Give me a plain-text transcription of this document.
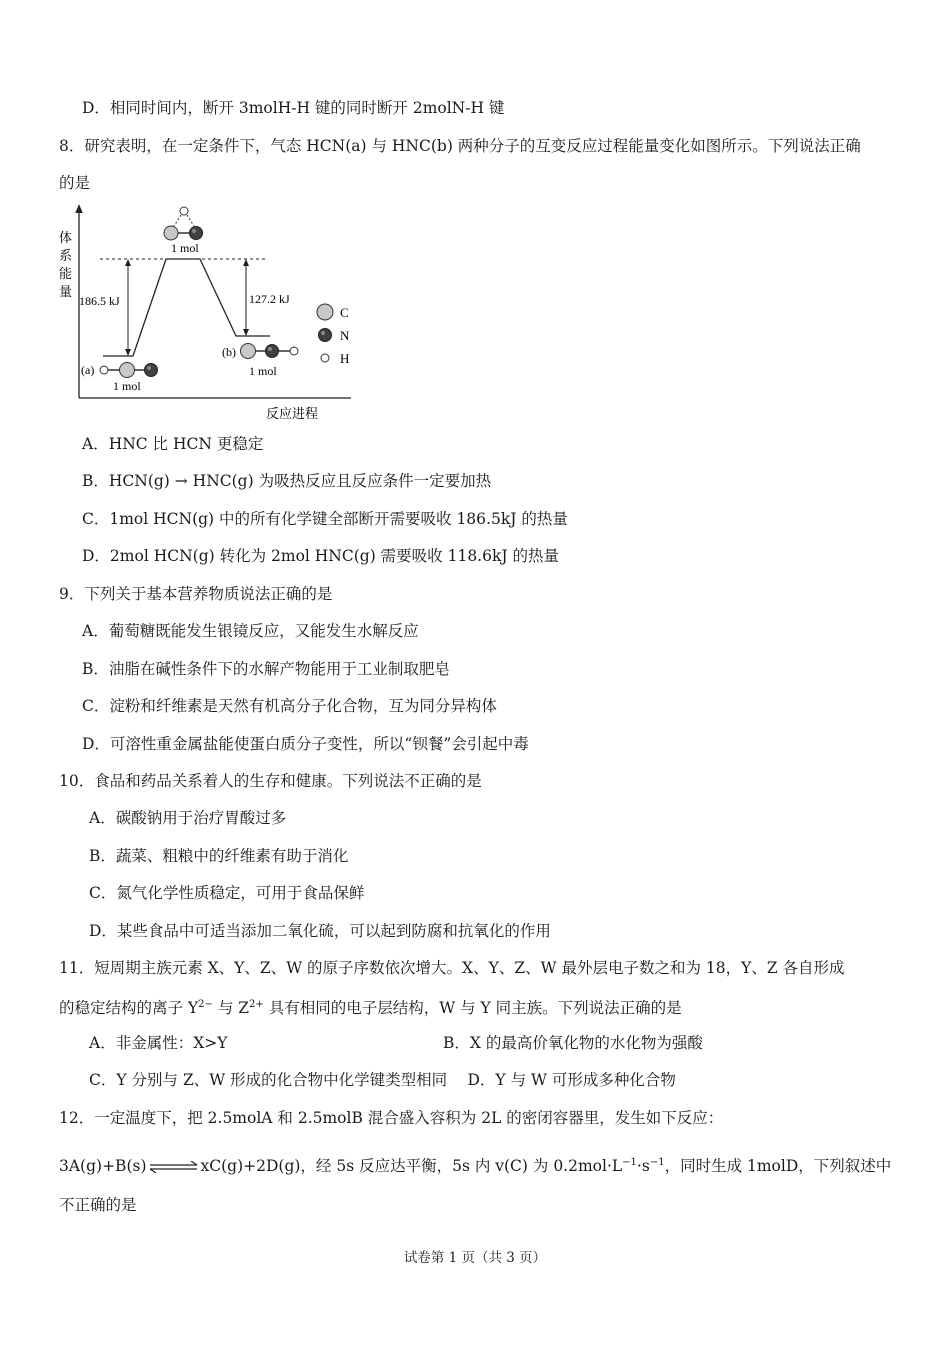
D．相同时间内，断开 3molH-H 键的同时断开 2molN-H 键
8．研究表明，在一定条件下，气态 HCN(a) 与 HNC(b) 两种分子的互变反应过程能量变化如图所示。下列说法正确
的是
体
系
能
量
反应进程
186.5 kJ	127.2 kJ
1 mol
(a)
1 mol
(b)
1 mol
C
N
H
A．HNC 比 HCN 更稳定
B．HCN(g) → HNC(g) 为吸热反应且反应条件一定要加热
C．1mol HCN(g) 中的所有化学键全部断开需要吸收 186.5kJ 的热量
D．2mol HCN(g) 转化为 2mol HNC(g) 需要吸收 118.6kJ 的热量
9．下列关于基本营养物质说法正确的是
A．葡萄糖既能发生银镜反应，又能发生水解反应
B．油脂在碱性条件下的水解产物能用于工业制取肥皂
C．淀粉和纤维素是天然有机高分子化合物，互为同分异构体
D．可溶性重金属盐能使蛋白质分子变性，所以“钡餐”会引起中毒
10．食品和药品关系着人的生存和健康。下列说法不正确的是
A．碳酸钠用于治疗胃酸过多
B．蔬菜、粗粮中的纤维素有助于消化
C．氮气化学性质稳定，可用于食品保鲜
D．某些食品中可适当添加二氧化硫，可以起到防腐和抗氧化的作用
11．短周期主族元素 X、Y、Z、W 的原子序数依次增大。X、Y、Z、W 最外层电子数之和为 18，Y、Z 各自形成
的稳定结构的离子 $Y^{2-}$ 与 $Z^{2+}$ 具有相同的电子层结构，W 与 Y 同主族。下列说法正确的是
A．非金属性：X>Y	B．X 的最高价氧化物的水化物为强酸
C．Y 分别与 Z、W 形成的化合物中化学键类型相同　 D．Y 与 W 可形成多种化合物
12．一定温度下，把 2.5molA 和 2.5molB 混合盛入容积为 2L 的密闭容器里，发生如下反应：
3A(g)+B(s) ⇌ xC(g)+2D(g)，经 5s 反应达平衡，5s 内 v(C) 为 $0.2mol\cdot L^{-1}\cdot s^{-1}$，同时生成 1molD，下列叙述中
不正确的是
试卷第 1 页（共 3 页）
